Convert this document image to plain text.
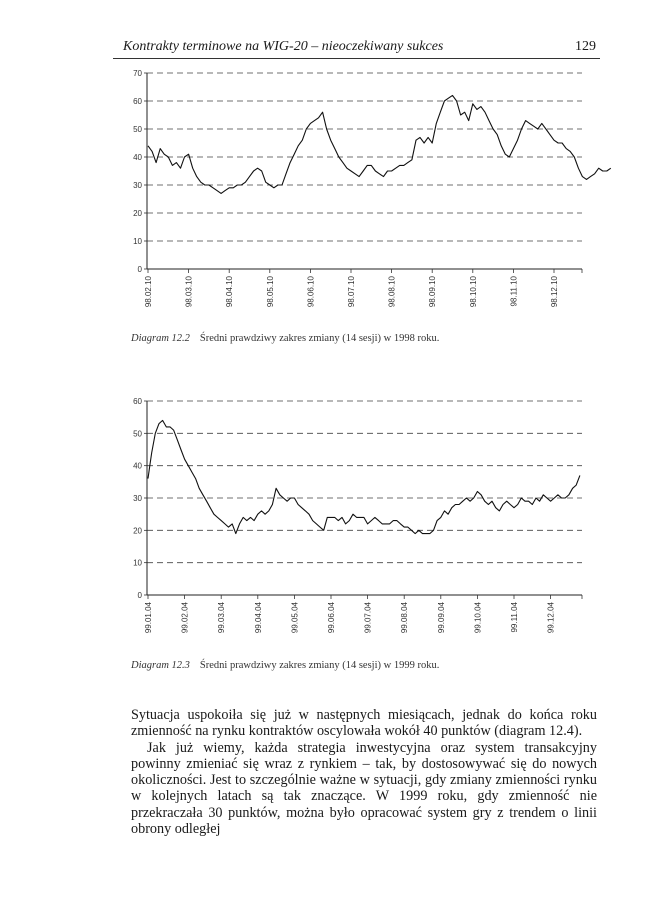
Kontrakty terminowe na WIG-20 – nieoczekiwany sukces	129
0
10
20
30
40
50
60
70
98.02.10	98.03.10	98.04.10	98.05.10	98.06.10	98.07.10	98.08.10	98.09.10	98.10.10	98.11.10	98.12.10
Diagram 12.2 Średni prawdziwy zakres zmiany (14 sesji) w 1998 roku.
0
10
20
30
40
50
60
99.01.04	99.02.04	99.03.04	99.04.04	99.05.04	99.06.04	99.07.04	99.08.04	99.09.04	99.10.04	99.11.04	99.12.04
Diagram 12.3 Średni prawdziwy zakres zmiany (14 sesji) w 1999 roku.

Sytuacja uspokoiła się już w następnych miesiącach, jednak do końca roku zmienność na rynku kontraktów oscylowała wokół 40 punktów (diagram 12.4).

Jak już wiemy, każda strategia inwestycyjna oraz system transakcyjny powinny zmieniać się wraz z rynkiem – tak, by dostosowywać się do nowych okoliczności. Jest to szczególnie ważne w sytuacji, gdy zmiany zmienności rynku w kolejnych latach są tak znaczące. W 1999 roku, gdy zmienność nie przekraczała 30 punktów, można było opracować system gry z trendem o linii obrony odległej
